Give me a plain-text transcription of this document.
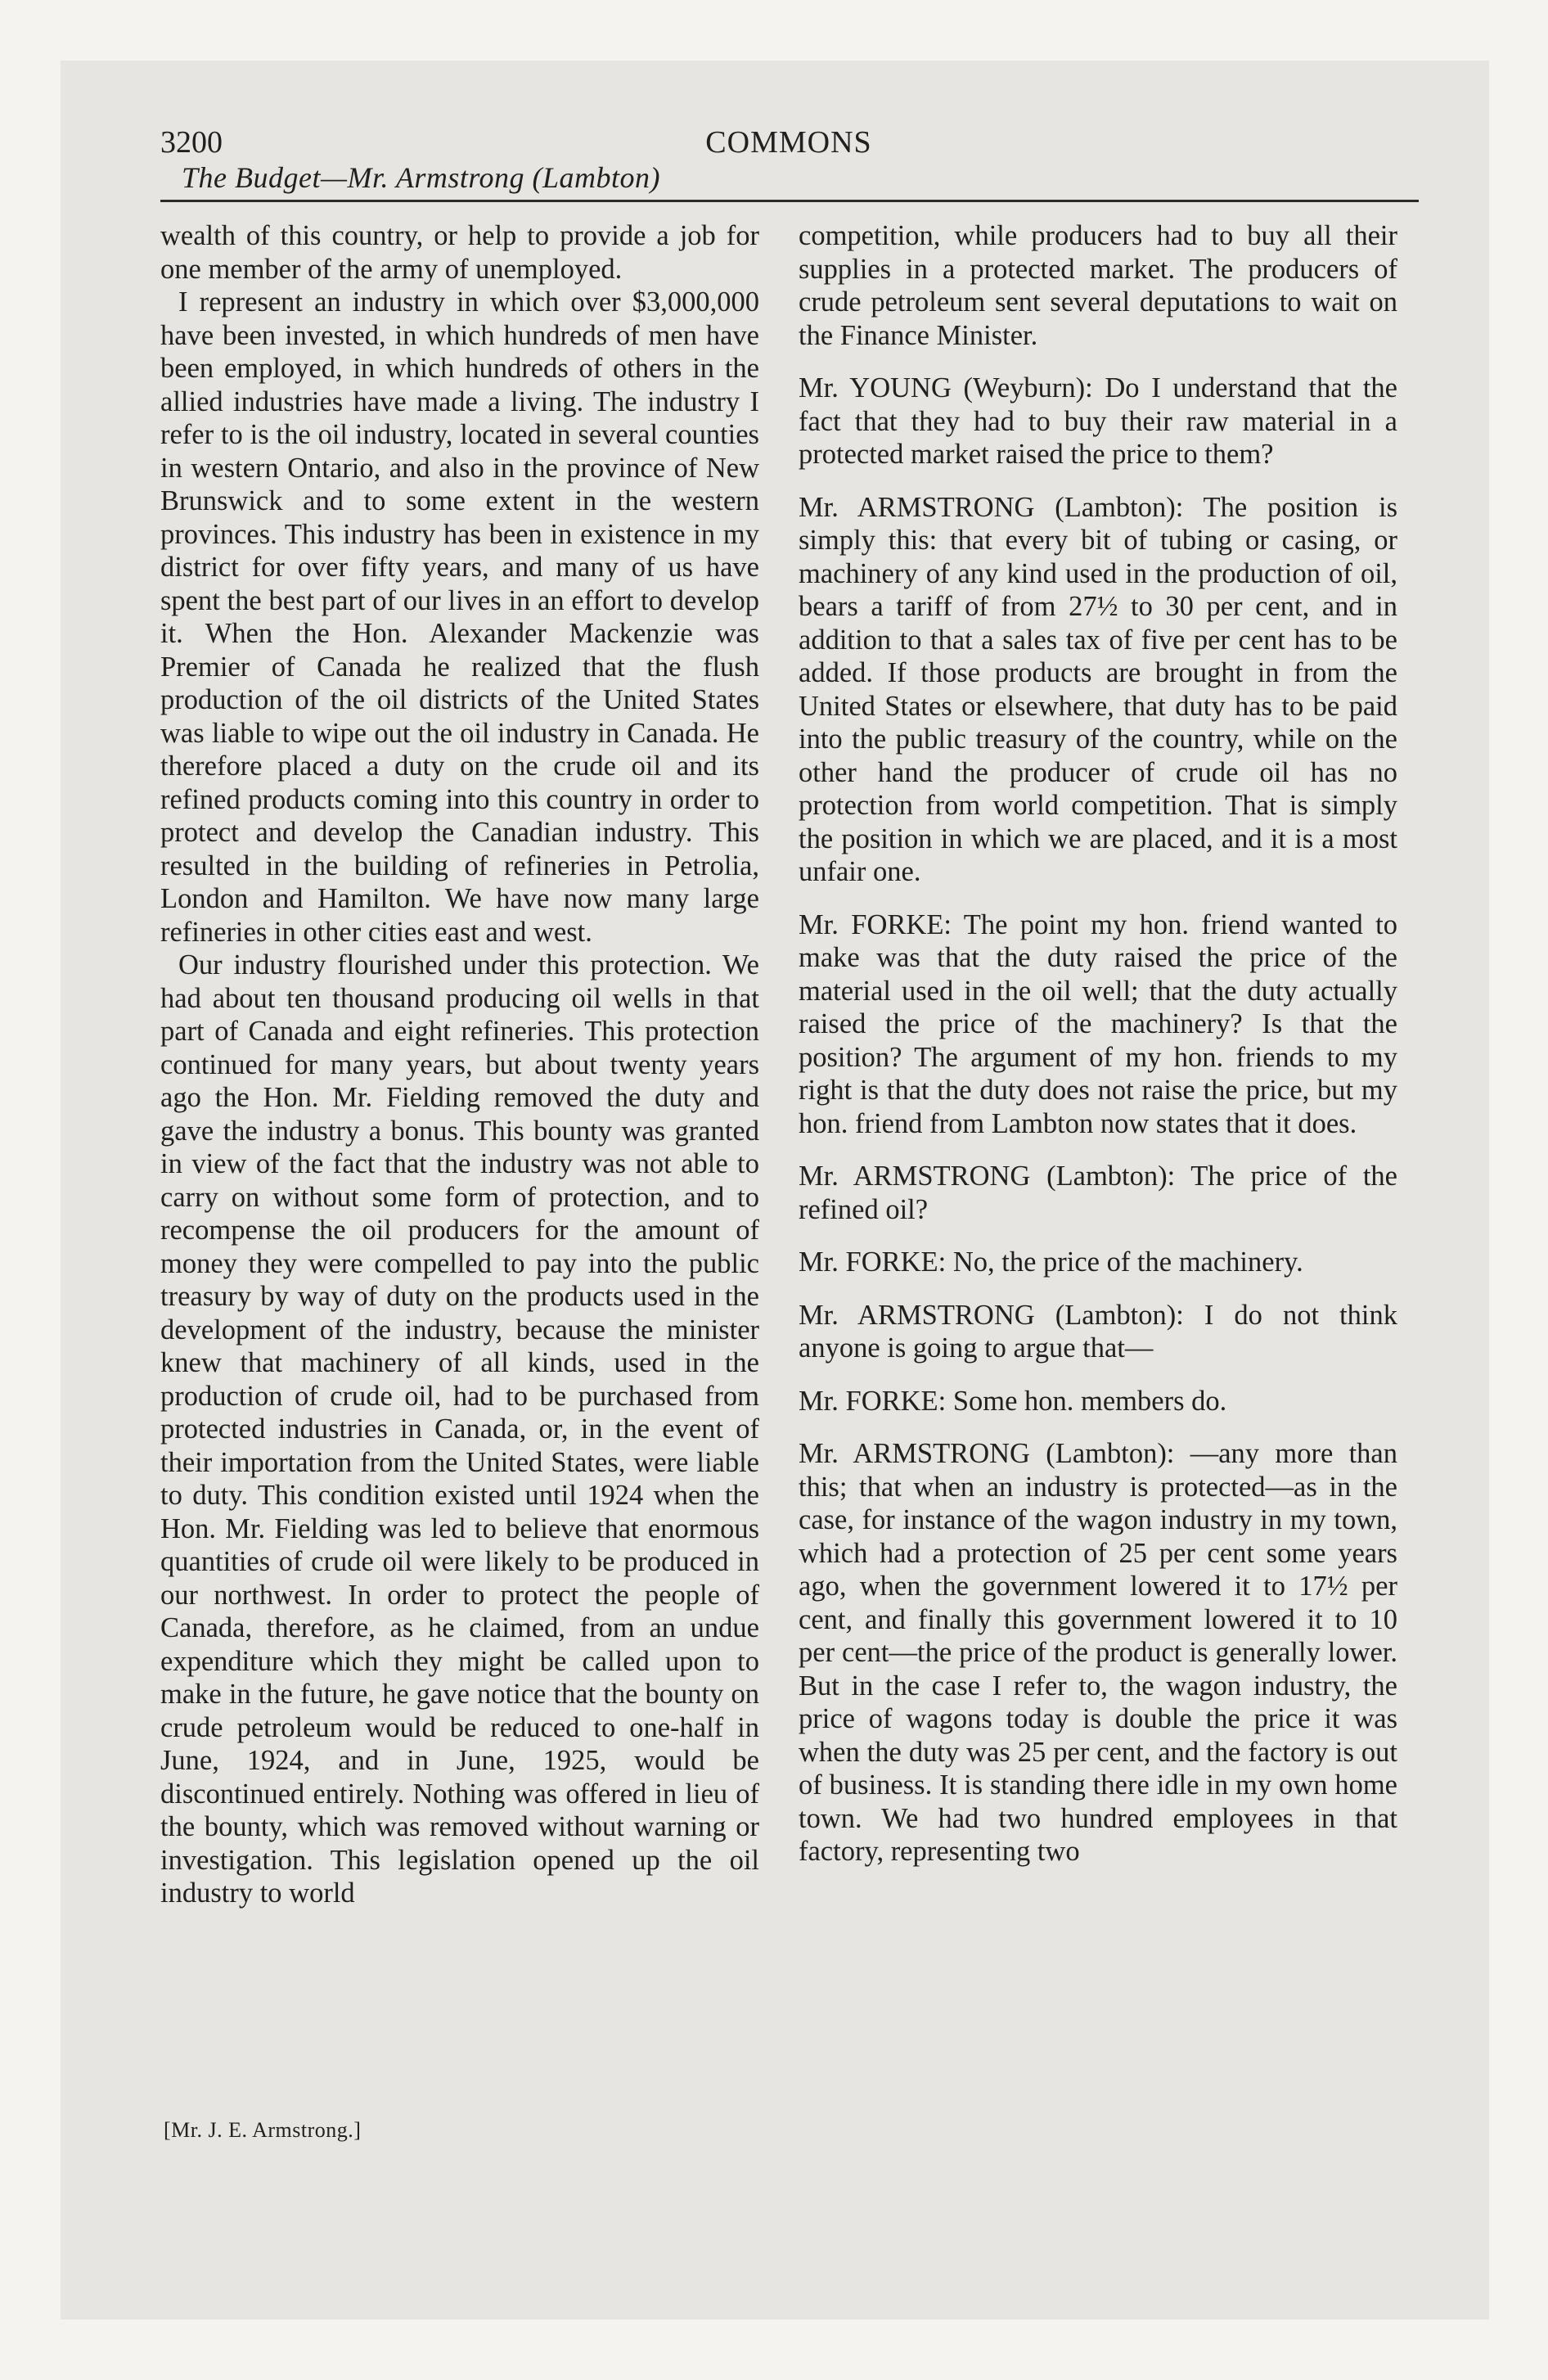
3200	COMMONS
The Budget—Mr. Armstrong (Lambton)

wealth of this country, or help to provide a job for one member of the army of unemployed.

I represent an industry in which over $3,000,000 have been invested, in which hundreds of men have been employed, in which hundreds of others in the allied industries have made a living. The industry I refer to is the oil industry, located in several counties in western Ontario, and also in the province of New Brunswick and to some extent in the western provinces. This industry has been in existence in my district for over fifty years, and many of us have spent the best part of our lives in an effort to develop it. When the Hon. Alexander Mackenzie was Premier of Canada he realized that the flush production of the oil districts of the United States was liable to wipe out the oil industry in Canada. He therefore placed a duty on the crude oil and its refined products coming into this country in order to protect and develop the Canadian industry. This resulted in the building of refineries in Petrolia, London and Hamilton. We have now many large refineries in other cities east and west.

Our industry flourished under this protection. We had about ten thousand producing oil wells in that part of Canada and eight refineries. This protection continued for many years, but about twenty years ago the Hon. Mr. Fielding removed the duty and gave the industry a bonus. This bounty was granted in view of the fact that the industry was not able to carry on without some form of protection, and to recompense the oil producers for the amount of money they were compelled to pay into the public treasury by way of duty on the products used in the development of the industry, because the minister knew that machinery of all kinds, used in the production of crude oil, had to be purchased from protected industries in Canada, or, in the event of their importation from the United States, were liable to duty. This condition existed until 1924 when the Hon. Mr. Fielding was led to believe that enormous quantities of crude oil were likely to be produced in our northwest. In order to protect the people of Canada, therefore, as he claimed, from an undue expenditure which they might be called upon to make in the future, he gave notice that the bounty on crude petroleum would be reduced to one-half in June, 1924, and in June, 1925, would be discontinued entirely. Nothing was offered in lieu of the bounty, which was removed without warning or investigation. This legislation opened up the oil industry to world

[Mr. J. E. Armstrong.]

competition, while producers had to buy all their supplies in a protected market. The producers of crude petroleum sent several deputations to wait on the Finance Minister.

Mr. YOUNG (Weyburn): Do I understand that the fact that they had to buy their raw material in a protected market raised the price to them?

Mr. ARMSTRONG (Lambton): The position is simply this: that every bit of tubing or casing, or machinery of any kind used in the production of oil, bears a tariff of from 27½ to 30 per cent, and in addition to that a sales tax of five per cent has to be added. If those products are brought in from the United States or elsewhere, that duty has to be paid into the public treasury of the country, while on the other hand the producer of crude oil has no protection from world competition. That is simply the position in which we are placed, and it is a most unfair one.

Mr. FORKE: The point my hon. friend wanted to make was that the duty raised the price of the material used in the oil well; that the duty actually raised the price of the machinery? Is that the position? The argument of my hon. friends to my right is that the duty does not raise the price, but my hon. friend from Lambton now states that it does.

Mr. ARMSTRONG (Lambton): The price of the refined oil?

Mr. FORKE: No, the price of the machinery.

Mr. ARMSTRONG (Lambton): I do not think anyone is going to argue that—

Mr. FORKE: Some hon. members do.

Mr. ARMSTRONG (Lambton): —any more than this; that when an industry is protected—as in the case, for instance of the wagon industry in my town, which had a protection of 25 per cent some years ago, when the government lowered it to 17½ per cent, and finally this government lowered it to 10 per cent—the price of the product is generally lower. But in the case I refer to, the wagon industry, the price of wagons today is double the price it was when the duty was 25 per cent, and the factory is out of business. It is standing there idle in my own home town. We had two hundred employees in that factory, representing two
